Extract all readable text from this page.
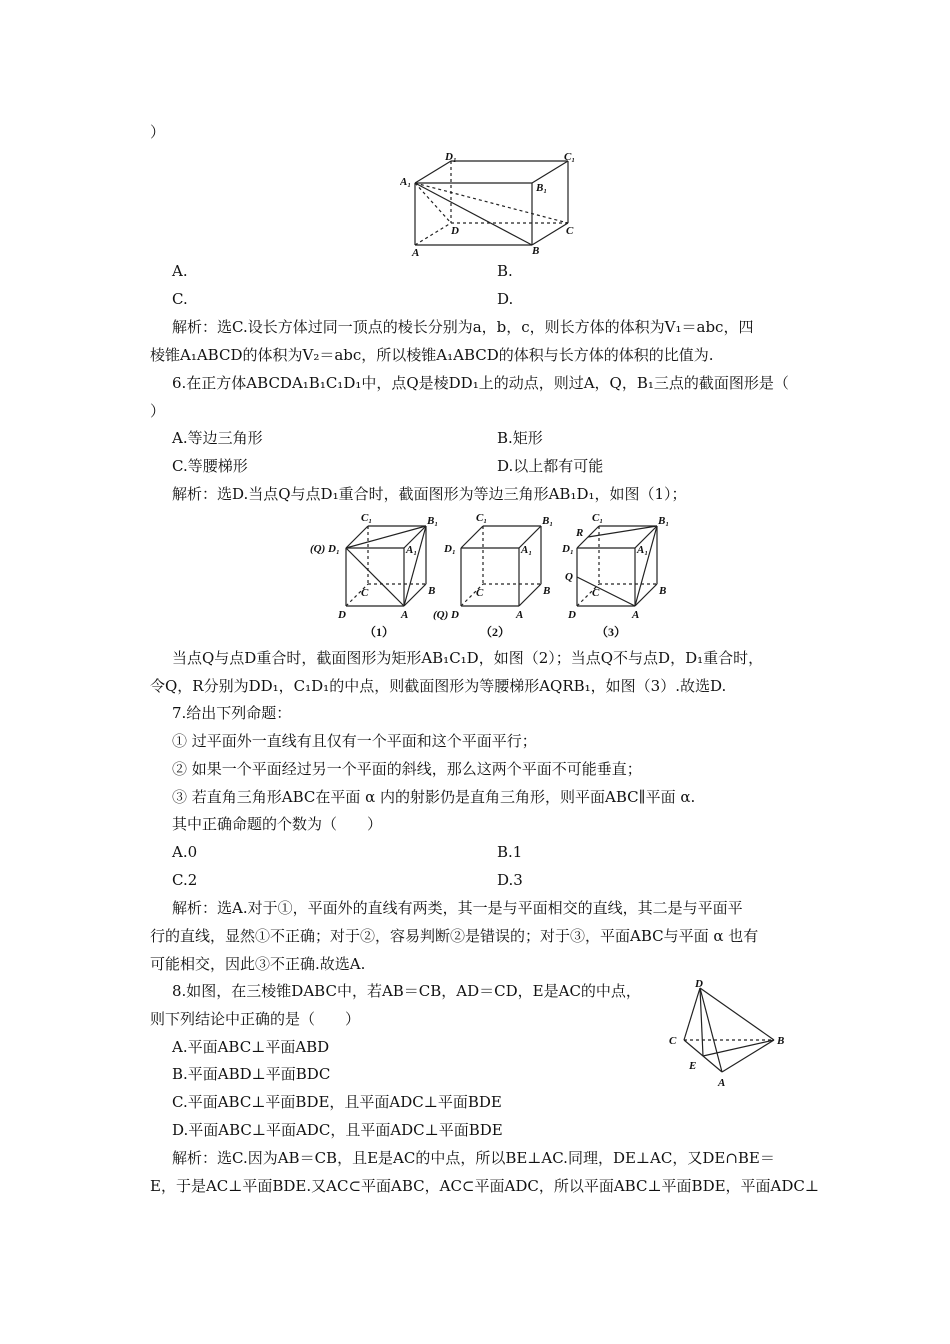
）
A	B
C
D
A₁	B₁
C₁
D₁
A.	B.
C.	D.
解析：选C.设长方体过同一顶点的棱长分别为a，b，c，则长方体的体积为V₁＝abc，四
棱锥A₁ABCD的体积为V₂＝abc，所以棱锥A₁ABCD的体积与长方体的体积的比值为.
6.在正方体ABCDA₁B₁C₁D₁中，点Q是棱DD₁上的动点，则过A，Q，B₁三点的截面图形是（
）
A.等边三角形	B.矩形
C.等腰梯形	D.以上都有可能
解析：选D.当点Q与点D₁重合时，截面图形为等边三角形AB₁D₁，如图（1）；
C₁	B₁
(Q) D₁	A₁
C	B
D	A
（1）
C₁	B₁
D₁	A₁
C	B
(Q) D	A
（2）
C₁	B₁
R
D₁	A₁
Q
C	B
D	A
（3）
当点Q与点D重合时，截面图形为矩形AB₁C₁D，如图（2）；当点Q不与点D，D₁重合时，
令Q，R分别为DD₁，C₁D₁的中点，则截面图形为等腰梯形AQRB₁，如图（3）.故选D.
7.给出下列命题：
① 过平面外一直线有且仅有一个平面和这个平面平行；
② 如果一个平面经过另一个平面的斜线，那么这两个平面不可能垂直；
③ 若直角三角形ABC在平面 α 内的射影仍是直角三角形，则平面ABC∥平面 α.
其中正确命题的个数为（　　）
A.0	B.1
C.2	D.3
解析：选A.对于①，平面外的直线有两类，其一是与平面相交的直线，其二是与平面平
行的直线，显然①不正确；对于②，容易判断②是错误的；对于③，平面ABC与平面 α 也有
可能相交，因此③不正确.故选A.
8.如图，在三棱锥DABC中，若AB＝CB，AD＝CD，E是AC的中点，
则下列结论中正确的是（　　）
D
C	B
E
A
A.平面ABC⊥平面ABD
B.平面ABD⊥平面BDC
C.平面ABC⊥平面BDE，且平面ADC⊥平面BDE
D.平面ABC⊥平面ADC，且平面ADC⊥平面BDE
解析：选C.因为AB＝CB，且E是AC的中点，所以BE⊥AC.同理，DE⊥AC，又DE∩BE＝
E，于是AC⊥平面BDE.又AC⊂平面ABC，AC⊂平面ADC，所以平面ABC⊥平面BDE，平面ADC⊥
